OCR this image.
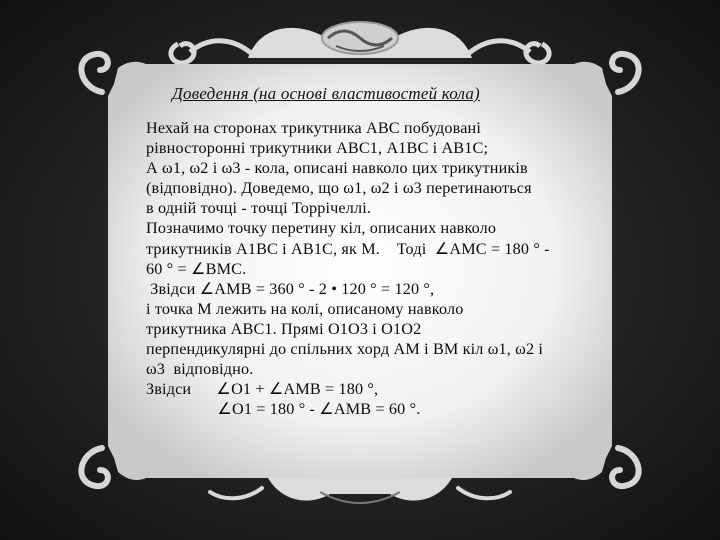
Доведення (на основі властивостей кола)
Нехай на сторонах трикутника АВС побудовані
рівносторонні трикутники АВС1, А1ВС і АВ1С;
А ω1, ω2 і ω3 - кола, описані навколо цих трикутників
(відповідно). Доведемо, що ω1, ω2 і ω3 перетинаються
в одній точці - точці Торрічеллі.
Позначимо точку перетину кіл, описаних навколо
трикутників А1ВС і АВ1С, як M.    Тоді  ∠AMC = 180 ° -
60 ° = ∠BMC.
Звідси ∠AMB = 360 ° - 2 • 120 ° = 120 °,
і точка M лежить на колі, описаному навколо
трикутника АВС1. Прямі O1O3 і O1O2
перпендикулярні до спільних хорд AM і BM кіл ω1, ω2 і
ω3  відповідно.
Звідси      ∠O1 + ∠AMB = 180 °,
∠O1 = 180 ° - ∠AMB = 60 °.
